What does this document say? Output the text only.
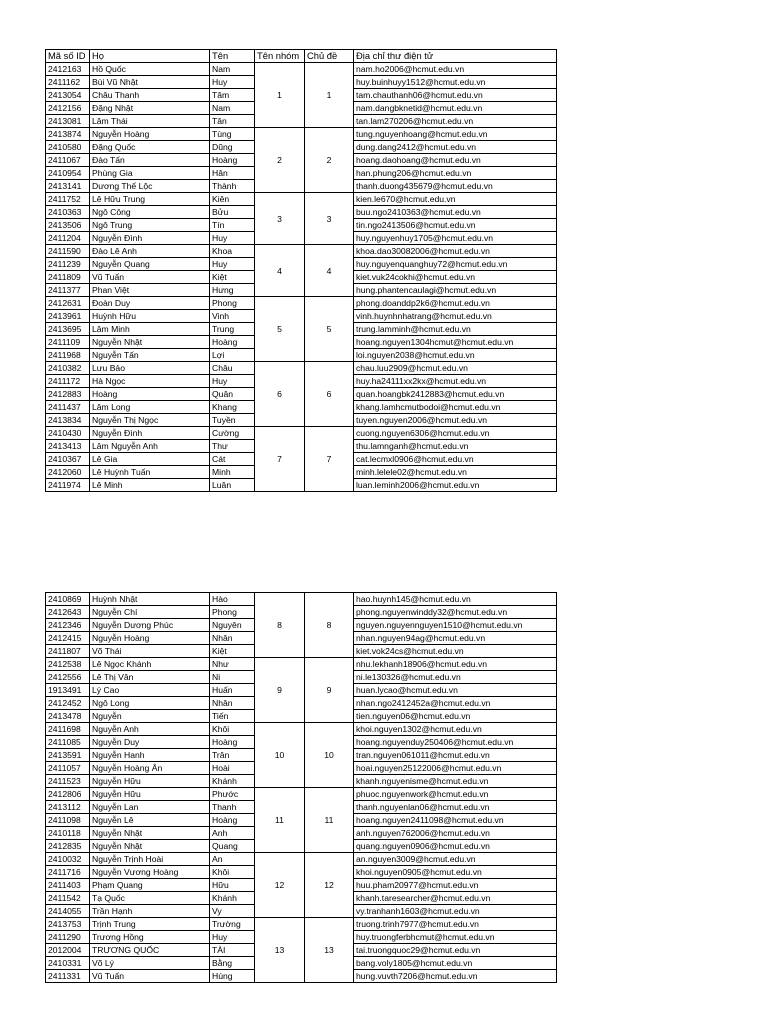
Mã số ID	Họ	Tên	Tên nhóm	Chủ đề	Địa chỉ thư điện tử
2412163	Hồ Quốc	Nam	1	1	nam.ho2006@hcmut.edu.vn
2411162	Bùi Vũ Nhật	Huy			huy.buinhuyy1512@hcmut.edu.vn
2413054	Châu Thanh	Tâm			tam.chauthanh06@hcmut.edu.vn
2412156	Đặng Nhật	Nam			nam.dangbknetid@hcmut.edu.vn
2413081	Lâm Thái	Tân			tan.lam270206@hcmut.edu.vn
2413874	Nguyễn Hoàng	Tùng	2	2	tung.nguyenhoang@hcmut.edu.vn
2410580	Đặng Quốc	Dũng			dung.dang2412@hcmut.edu.vn
2411067	Đào Tấn	Hoàng			hoang.daohoang@hcmut.edu.vn
2410954	Phùng Gia	Hân			han.phung206@hcmut.edu.vn
2413141	Dương Thế Lộc	Thành			thanh.duong435679@hcmut.edu.vn
2411752	Lê Hữu Trung	Kiên	3	3	kien.le670@hcmut.edu.vn
2410363	Ngô Công	Bửu			buu.ngo2410363@hcmut.edu.vn
2413506	Ngô Trung	Tín			tin.ngo2413506@hcmut.edu.vn
2411204	Nguyễn Đình	Huy			huy.nguyenhuy1705@hcmut.edu.vn
2411590	Đào Lê Anh	Khoa	4	4	khoa.dao30082006@hcmut.edu.vn
2411239	Nguyễn Quang	Huy			huy.nguyenquanghuy72@hcmut.edu.vn
2411809	Vũ Tuấn	Kiệt			kiet.vuk24cokhi@hcmut.edu.vn
2411377	Phan Việt	Hưng			hung.phantencaulagi@hcmut.edu.vn
2412631	Đoàn Duy	Phong	5	5	phong.doanddp2k6@hcmut.edu.vn
2413961	Huỳnh Hữu	Vinh			vinh.huynhnhatrang@hcmut.edu.vn
2413695	Lâm Minh	Trung			trung.lamminh@hcmut.edu.vn
2411109	Nguyễn Nhật	Hoàng			hoang.nguyen1304hcmut@hcmut.edu.vn
2411968	Nguyễn Tấn	Lợi			loi.nguyen2038@hcmut.edu.vn
2410382	Lưu Bảo	Châu	6	6	chau.luu2909@hcmut.edu.vn
2411172	Hà Ngọc	Huy			huy.ha24111xx2kx@hcmut.edu.vn
2412883	Hoàng	Quân			quan.hoangbk2412883@hcmut.edu.vn
2411437	Lâm Long	Khang			khang.lamhcmutbodoi@hcmut.edu.vn
2413834	Nguyễn Thị Ngọc	Tuyền			tuyen.nguyen2006@hcmut.edu.vn
2410430	Nguyễn Đình	Cường	7	7	cuong.nguyen6306@hcmut.edu.vn
2413413	Lâm Nguyễn Anh	Thư			thu.lamnganh@hcmut.edu.vn
2410367	Lê Gia	Cát			cat.lecmxl0906@hcmut.edu.vn
2412060	Lê Huỳnh Tuấn	Minh			minh.lelele02@hcmut.edu.vn
2411974	Lê Minh	Luân			luan.leminh2006@hcmut.edu.vn
2410869	Huỳnh Nhật	Hào	8	8	hao.huynh145@hcmut.edu.vn
2412643	Nguyễn Chí	Phong			phong.nguyenwinddy32@hcmut.edu.vn
2412346	Nguyễn Dương Phúc	Nguyên			nguyen.nguyennguyen1510@hcmut.edu.vn
2412415	Nguyễn Hoàng	Nhân			nhan.nguyen94ag@hcmut.edu.vn
2411807	Võ Thái	Kiệt			kiet.vok24cs@hcmut.edu.vn
2412538	Lê Ngọc Khánh	Như	9	9	nhu.lekhanh18906@hcmut.edu.vn
2412556	Lê Thị Vân	Ni			ni.le130326@hcmut.edu.vn
1913491	Lý Cao	Huấn			huan.lycao@hcmut.edu.vn
2412452	Ngô Long	Nhân			nhan.ngo2412452a@hcmut.edu.vn
2413478	Nguyễn	Tiến			tien.nguyen06@hcmut.edu.vn
2411698	Nguyễn Anh	Khôi	10	10	khoi.nguyen1302@hcmut.edu.vn
2411085	Nguyễn Duy	Hoàng			hoang.nguyenduy250406@hcmut.edu.vn
2413591	Nguyễn Hanh	Trân			tran.nguyen061011@hcmut.edu.vn
2411057	Nguyễn Hoàng Ân	Hoài			hoai.nguyen25122006@hcmut.edu.vn
2411523	Nguyễn Hữu	Khánh			khanh.nguyenisme@hcmut.edu.vn
2412806	Nguyễn Hữu	Phước	11	11	phuoc.nguyenwork@hcmut.edu.vn
2413112	Nguyễn Lan	Thanh			thanh.nguyenlan06@hcmut.edu.vn
2411098	Nguyễn Lê	Hoàng			hoang.nguyen2411098@hcmut.edu.vn
2410118	Nguyễn Nhật	Anh			anh.nguyen762006@hcmut.edu.vn
2412835	Nguyễn Nhật	Quang			quang.nguyen0906@hcmut.edu.vn
2410032	Nguyễn Trịnh Hoài	An	12	12	an.nguyen3009@hcmut.edu.vn
2411716	Nguyễn Vương Hoàng	Khôi			khoi.nguyen0905@hcmut.edu.vn
2411403	Phạm Quang	Hữu			huu.pham20977@hcmut.edu.vn
2411542	Tạ Quốc	Khánh			khanh.taresearcher@hcmut.edu.vn
2414055	Trần Hạnh	Vy			vy.tranhanh1603@hcmut.edu.vn
2413753	Trịnh Trung	Trường	13	13	truong.trinh7977@hcmut.edu.vn
2411290	Trương Hồng	Huy			huy.truongferbhcmut@hcmut.edu.vn
2012004	TRƯƠNG QUỐC	TÀI			tai.truongquoc29@hcmut.edu.vn
2410331	Võ Lý	Bằng			bang.voly1805@hcmut.edu.vn
2411331	Vũ Tuấn	Hùng			hung.vuvth7206@hcmut.edu.vn
